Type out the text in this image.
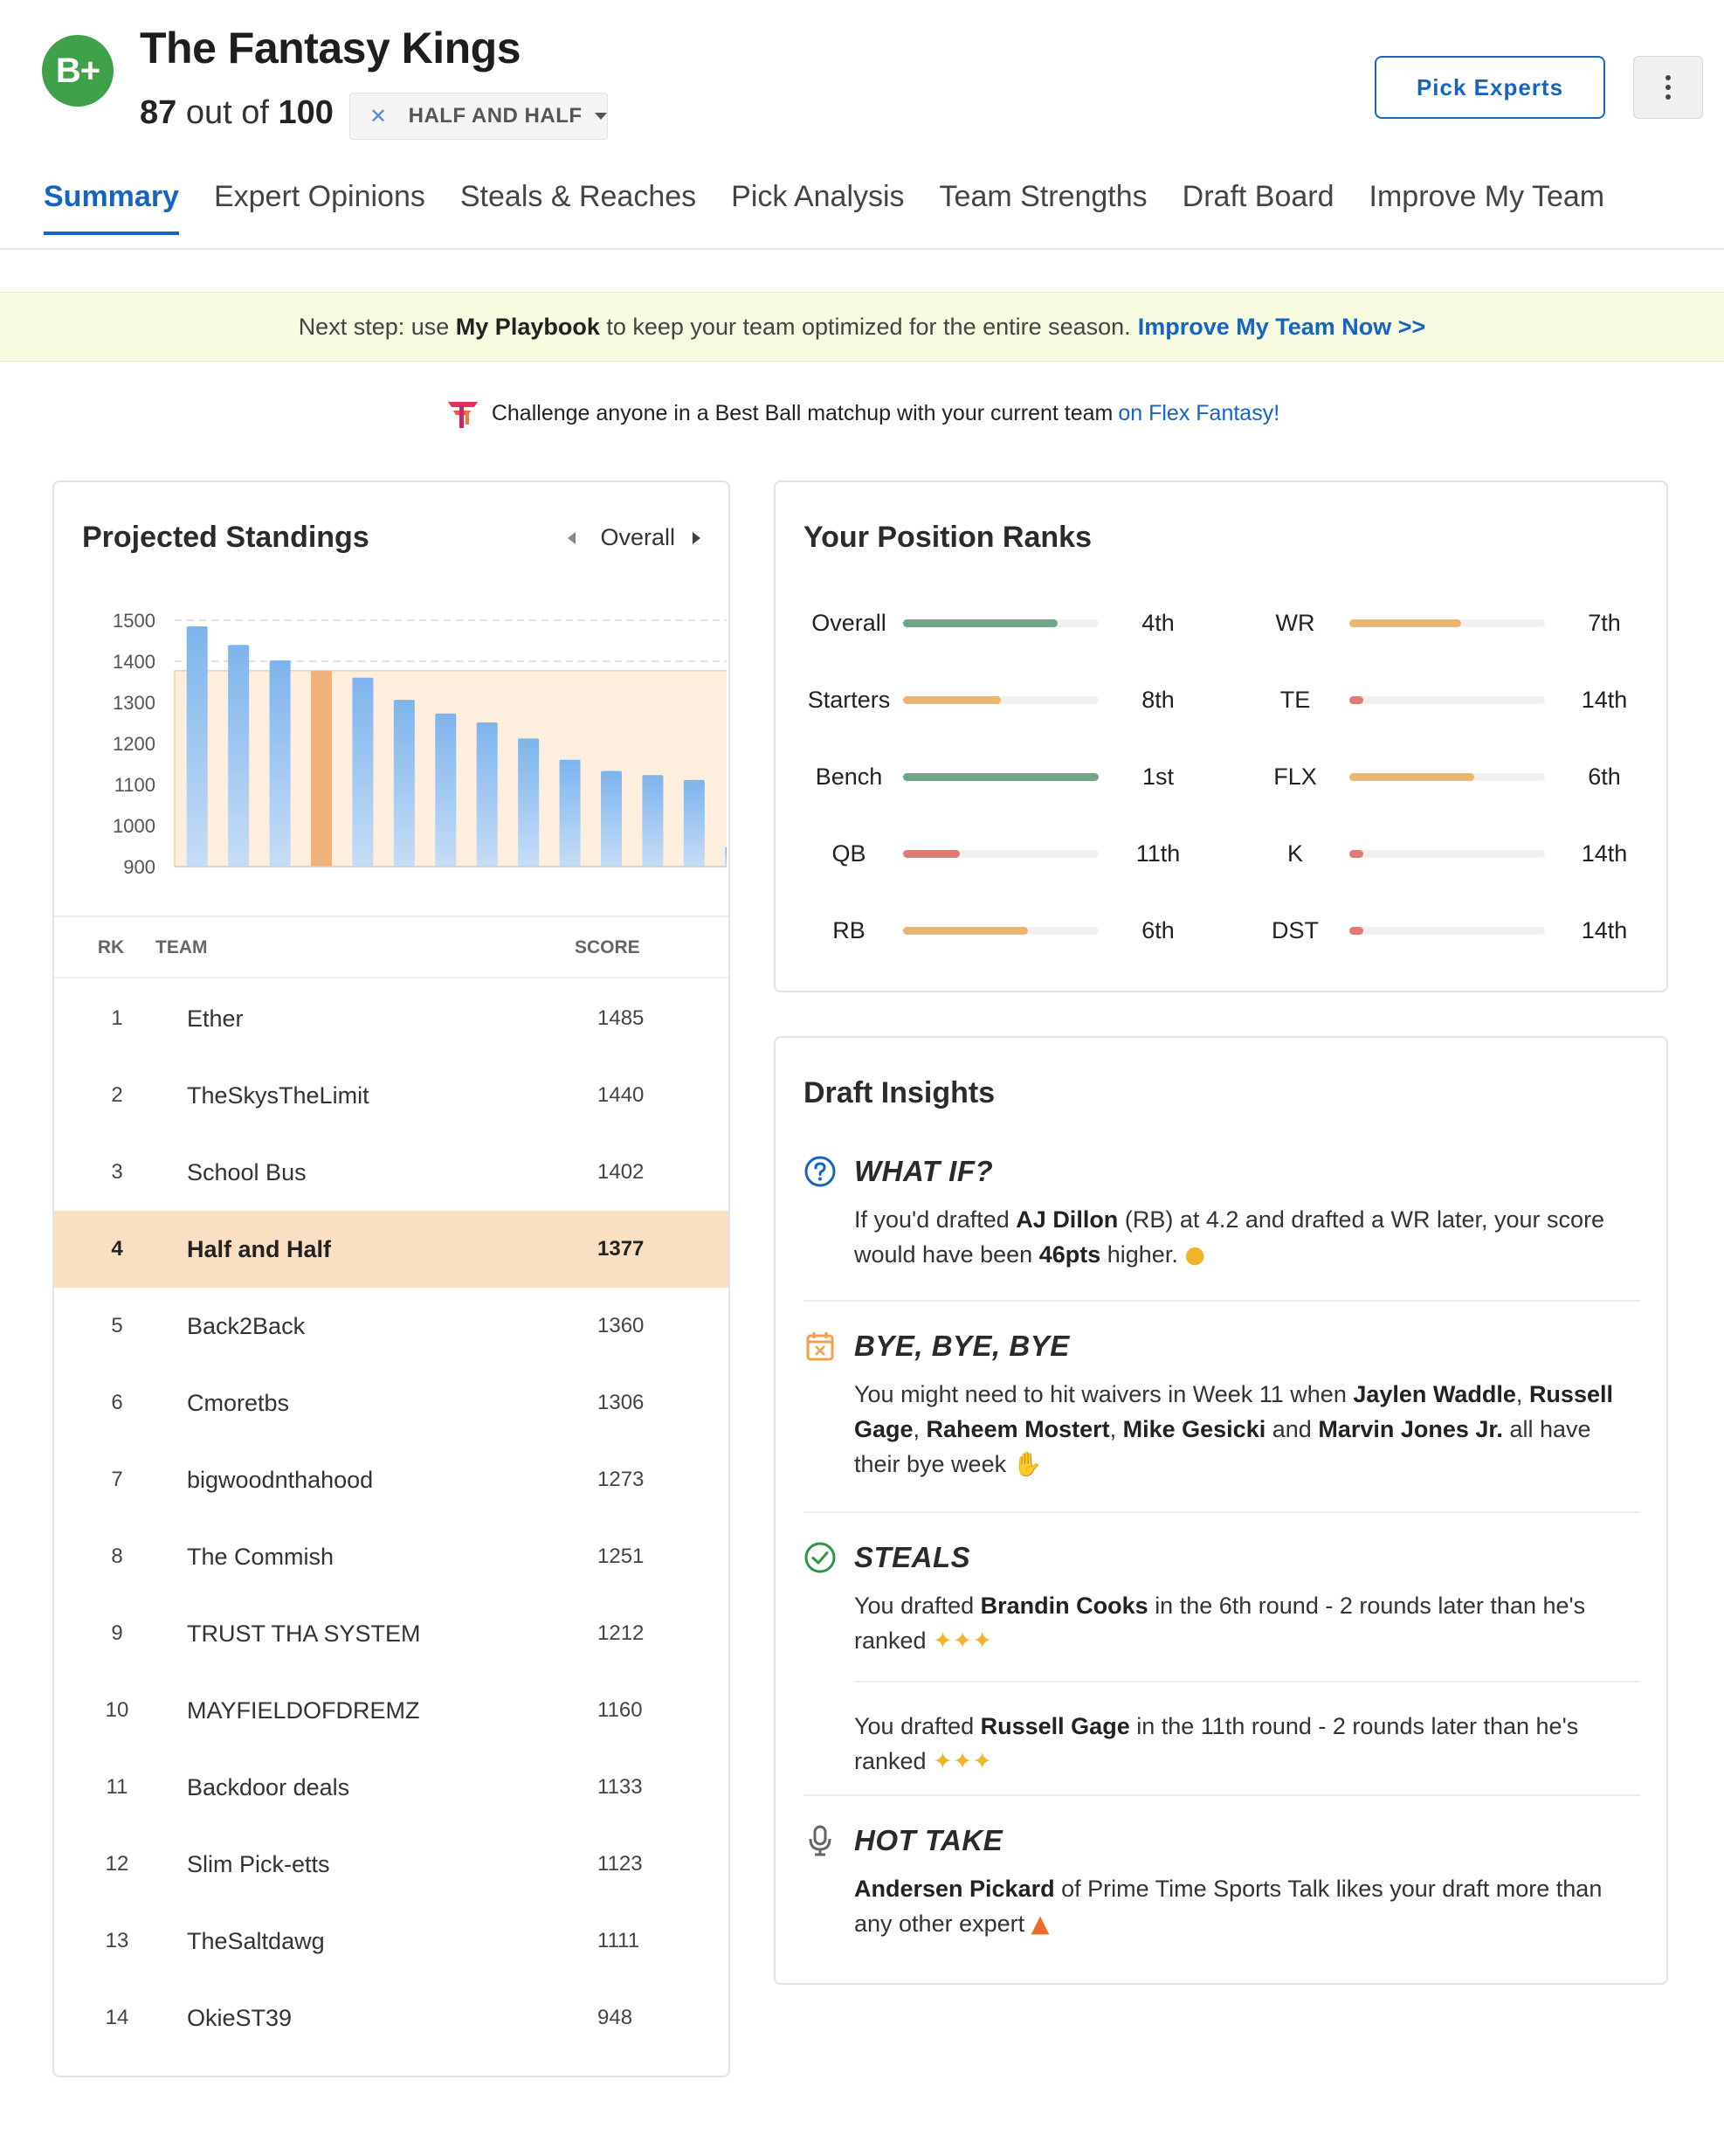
B+ The Fantasy Kings
87 out of 100 ✕ HALF AND HALF
Pick Experts
Summary Expert Opinions Steals & Reaches Pick Analysis Team Strengths Draft Board Improve My Team
Next step: use
My Playbook
to keep your team optimized for the entire season. Improve My Team Now >>
Challenge anyone in a Best Ball matchup with your current team on Flex Fantasy!
Projected Standings	Overall
900
1000
1100
1200
1300
1400
1500
RK	TEAM	SCORE
1	Ether	1485
2	TheSkysTheLimit	1440
3	School Bus	1402
4	Half and Half	1377
5	Back2Back	1360
6	Cmoretbs	1306
7	bigwoodnthahood	1273
8	The Commish	1251
9	TRUST THA SYSTEM	1212
10	MAYFIELDOFDREMZ	1160
11	Backdoor deals	1133
12	Slim Pick-etts	1123
13	TheSaltdawg	1111
14	OkieST39	948
Your Position Ranks
Overall	4th
Starters	8th
Bench	1st
QB	11th
RB	6th
WR	7th
TE	14th
FLX	6th
K	14th
DST	14th
Draft Insights
WHAT IF?
If you'd drafted AJ Dillon (RB) at 4.2 and drafted a WR later, your score would have been 46pts higher. ●
BYE, BYE, BYE
You might need to hit waivers in Week 11 when Jaylen Waddle, Russell Gage, Raheem Mostert, Mike Gesicki and Marvin Jones Jr. all have their bye week ✋
STEALS
You drafted Brandin Cooks in the 6th round - 2 rounds later than he's ranked ✦✦✦
You drafted Russell Gage in the 11th round - 2 rounds later than he's ranked ✦✦✦
HOT TAKE
Andersen Pickard of Prime Time Sports Talk likes your draft more than any other expert ▲
